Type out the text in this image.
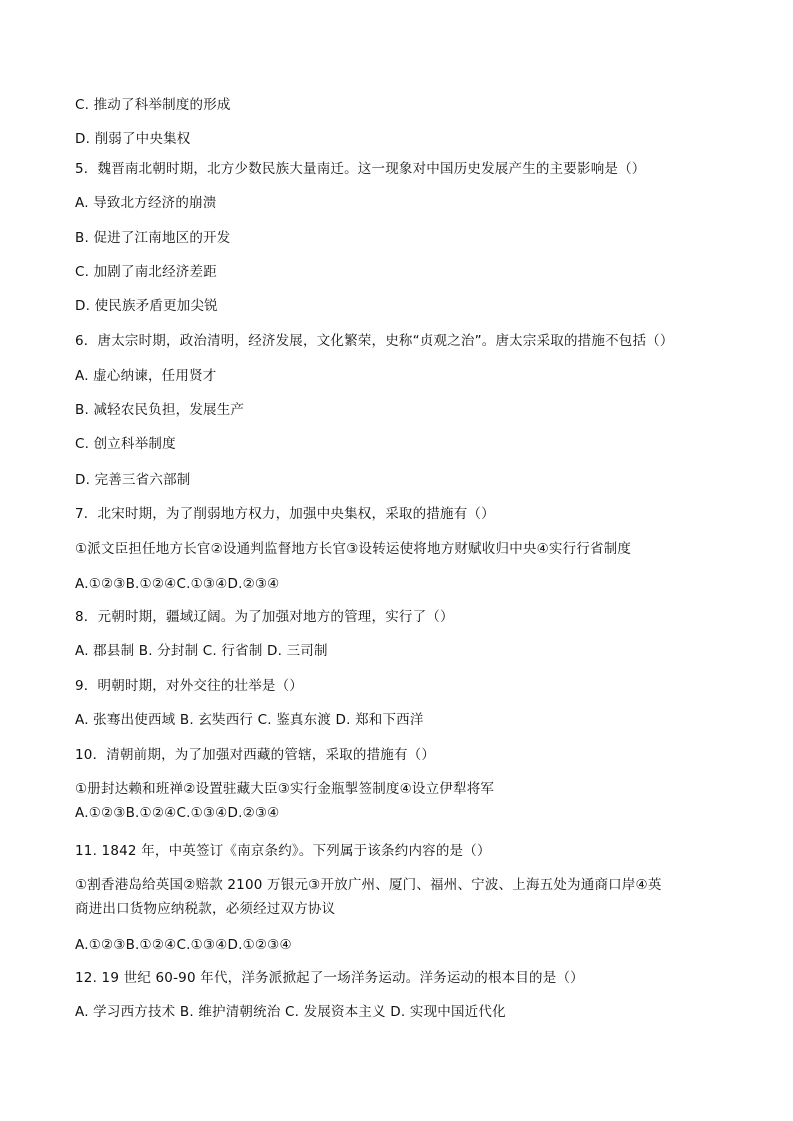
C. 推动了科举制度的形成
D. 削弱了中央集权
5．魏晋南北朝时期，北方少数民族大量南迁。这一现象对中国历史发展产生的主要影响是（）
A. 导致北方经济的崩溃
B. 促进了江南地区的开发
C. 加剧了南北经济差距
D. 使民族矛盾更加尖锐
6．唐太宗时期，政治清明，经济发展，文化繁荣，史称“贞观之治”。唐太宗采取的措施不包括（）
A. 虚心纳谏，任用贤才
B. 减轻农民负担，发展生产
C. 创立科举制度
D. 完善三省六部制
7．北宋时期，为了削弱地方权力，加强中央集权，采取的措施有（）
①派文臣担任地方长官②设通判监督地方长官③设转运使将地方财赋收归中央④实行行省制度
A.①②③B.①②④C.①③④D.②③④
8．元朝时期，疆域辽阔。为了加强对地方的管理，实行了（）
A. 郡县制 B. 分封制 C. 行省制 D. 三司制
9．明朝时期，对外交往的壮举是（）
A. 张骞出使西域 B. 玄奘西行 C. 鉴真东渡 D. 郑和下西洋
10．清朝前期，为了加强对西藏的管辖，采取的措施有（）
①册封达赖和班禅②设置驻藏大臣③实行金瓶掣签制度④设立伊犁将军 A.①②③B.①②④C.①③④D.②③④
11. 1842 年，中英签订《南京条约》。下列属于该条约内容的是（）
①割香港岛给英国②赔款 2100 万银元③开放广州、厦门、福州、宁波、上海五处为通商口岸④英商进出口货物应纳税款，必须经过双方协议
A.①②③B.①②④C.①③④D.①②③④
12. 19 世纪 60-90 年代，洋务派掀起了一场洋务运动。洋务运动的根本目的是（）
A. 学习西方技术 B. 维护清朝统治 C. 发展资本主义 D. 实现中国近代化
